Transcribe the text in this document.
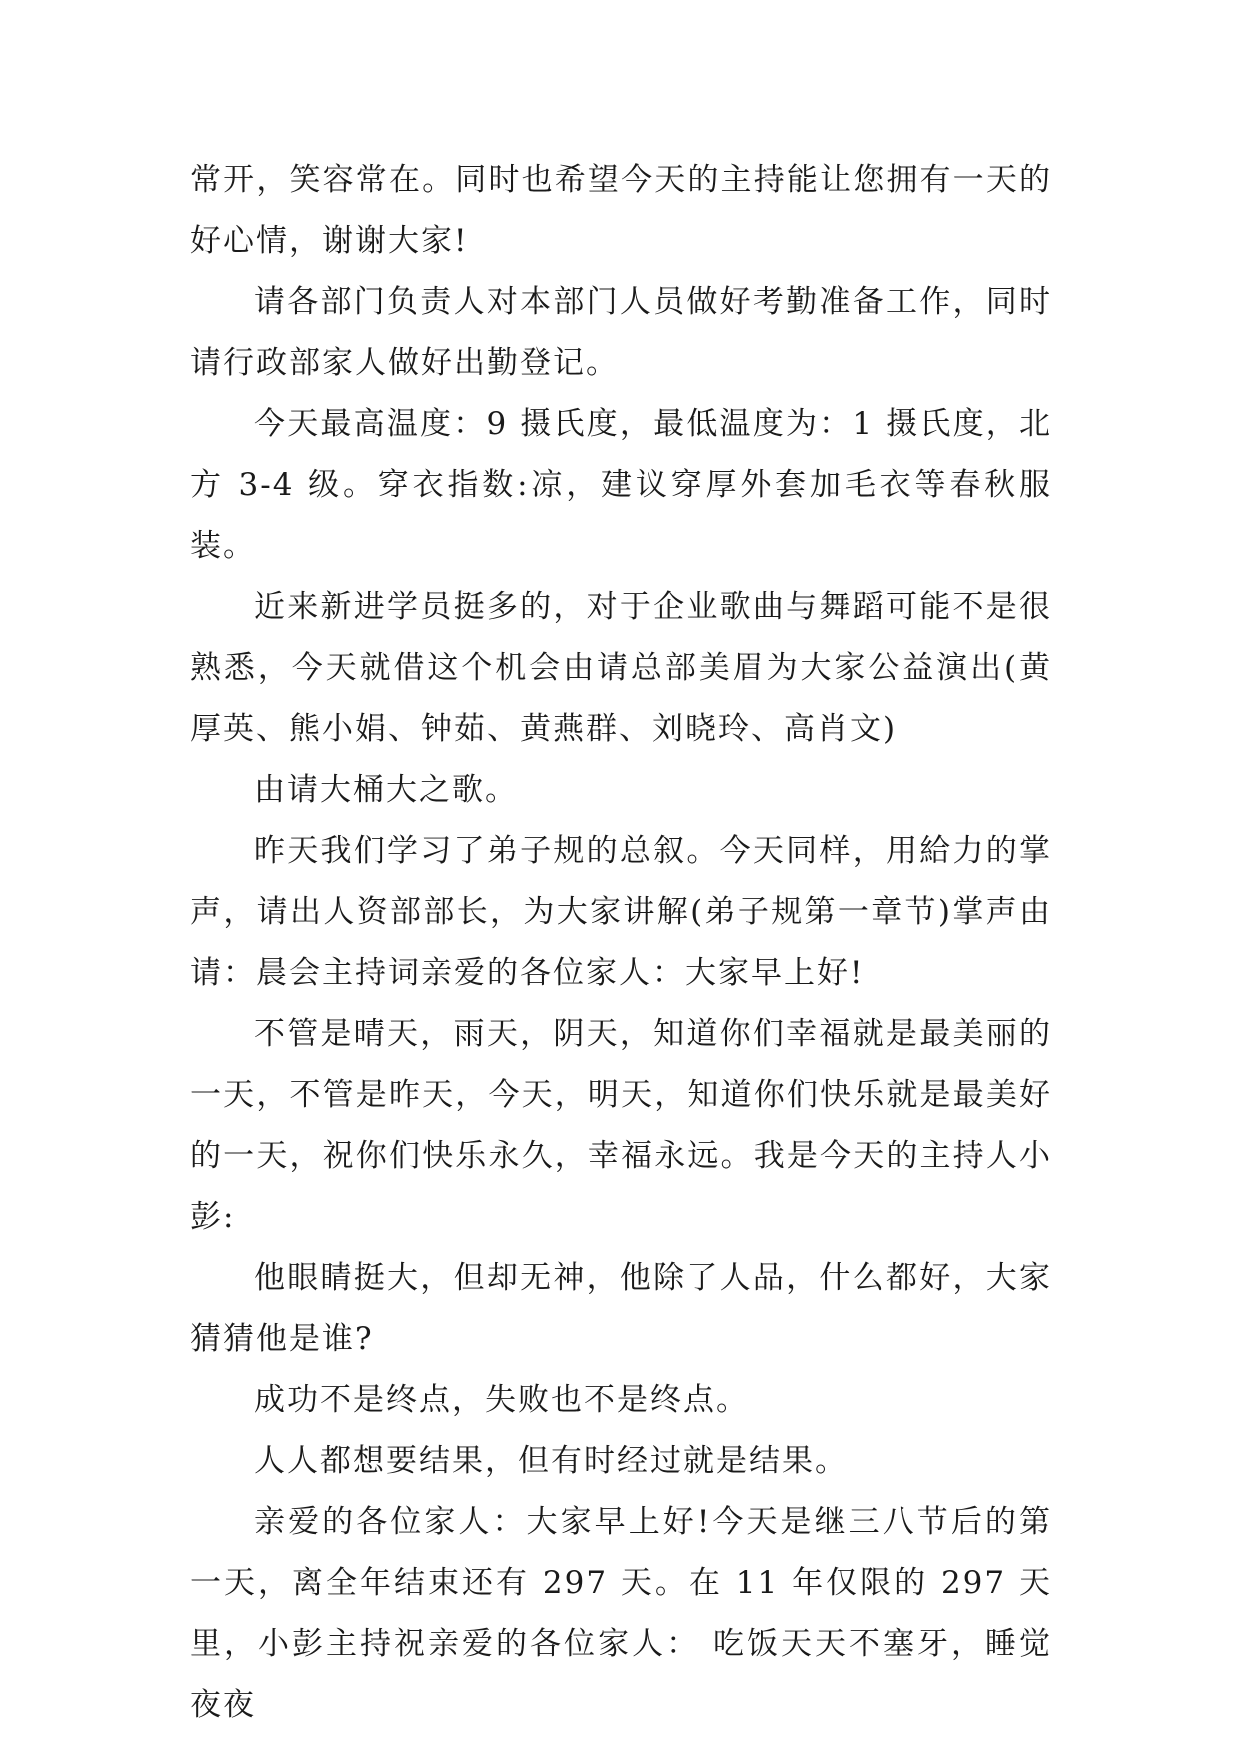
常开，笑容常在。同时也希望今天的主持能让您拥有一天的好心情，谢谢大家!

请各部门负责人对本部门人员做好考勤准备工作，同时请行政部家人做好出勤登记。

今天最高温度：9 摄氏度，最低温度为：1 摄氏度，北方 3-4 级。穿衣指数:凉，建议穿厚外套加毛衣等春秋服装。

近来新进学员挺多的，对于企业歌曲与舞蹈可能不是很熟悉，今天就借这个机会由请总部美眉为大家公益演出(黄厚英、熊小娟、钟茹、黄燕群、刘晓玲、高肖文)

由请大桶大之歌。

昨天我们学习了弟子规的总叙。今天同样，用給力的掌声，请出人资部部长，为大家讲解(弟子规第一章节)掌声由请：晨会主持词亲爱的各位家人：大家早上好!

不管是晴天，雨天，阴天，知道你们幸福就是最美丽的一天，不管是昨天，今天，明天，知道你们快乐就是最美好的一天，祝你们快乐永久，幸福永远。我是今天的主持人小彭:

他眼睛挺大，但却无神，他除了人品，什么都好，大家猜猜他是谁?

成功不是终点，失败也不是终点。

人人都想要结果，但有时经过就是结果。

亲爱的各位家人：大家早上好!今天是继三八节后的第一天，离全年结束还有 297 天。在 11 年仅限的 297 天里，小彭主持祝亲爱的各位家人： 吃饭天天不塞牙，睡觉夜夜
